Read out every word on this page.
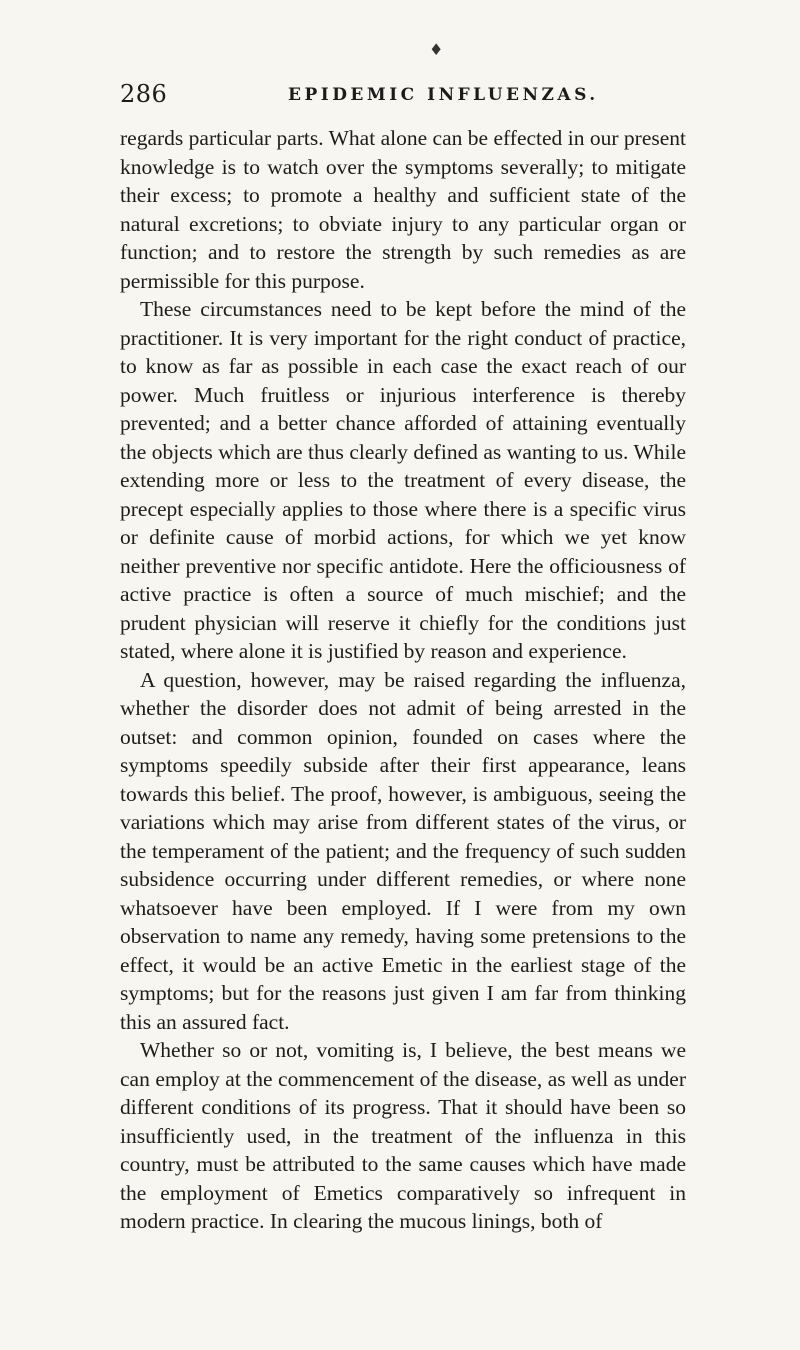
♦
286	EPIDEMIC INFLUENZAS.

regards particular parts. What alone can be effected in our present knowledge is to watch over the symptoms severally; to mitigate their excess; to promote a healthy and sufficient state of the natural excretions; to obviate injury to any particular organ or function; and to restore the strength by such remedies as are permissible for this purpose.

These circumstances need to be kept before the mind of the practitioner. It is very important for the right conduct of practice, to know as far as possible in each case the exact reach of our power. Much fruitless or injurious interference is thereby prevented; and a better chance afforded of attaining eventually the objects which are thus clearly defined as wanting to us. While extending more or less to the treatment of every disease, the precept especially applies to those where there is a specific virus or definite cause of morbid actions, for which we yet know neither preventive nor specific antidote. Here the officiousness of active practice is often a source of much mischief; and the prudent physician will reserve it chiefly for the conditions just stated, where alone it is justified by reason and experience.

A question, however, may be raised regarding the influenza, whether the disorder does not admit of being arrested in the outset: and common opinion, founded on cases where the symptoms speedily subside after their first appearance, leans towards this belief. The proof, however, is ambiguous, seeing the variations which may arise from different states of the virus, or the temperament of the patient; and the frequency of such sudden subsidence occurring under different remedies, or where none whatsoever have been employed. If I were from my own observation to name any remedy, having some pretensions to the effect, it would be an active Emetic in the earliest stage of the symptoms; but for the reasons just given I am far from thinking this an assured fact.

Whether so or not, vomiting is, I believe, the best means we can employ at the commencement of the disease, as well as under different conditions of its progress. That it should have been so insufficiently used, in the treatment of the influenza in this country, must be attributed to the same causes which have made the employment of Emetics comparatively so infrequent in modern practice. In clearing the mucous linings, both of
